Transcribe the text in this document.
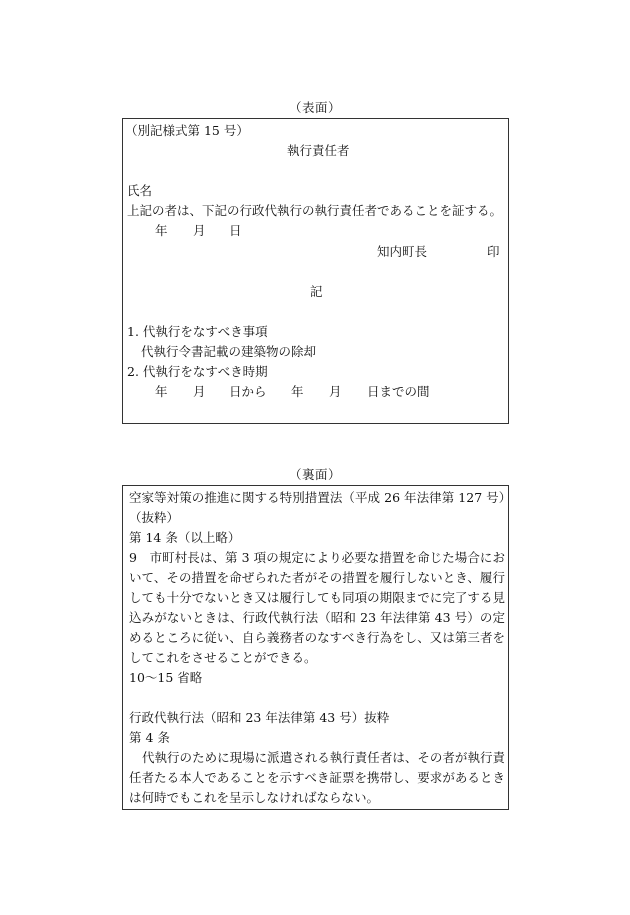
（表面）
（別記様式第 15 号）
執行責任者
氏名
上記の者は、下記の行政代執行の執行責任者であることを証する。
年 月 日
知内町長	印
記
1. 代執行をなすべき事項
代執行令書記載の建築物の除却
2. 代執行をなすべき時期
年 月 日から 年 月 日までの間
（裏面）
空家等対策の推進に関する特別措置法（平成 26 年法律第 127 号）（抜粋）
第 14 条（以上略）
9　市町村長は、第 3 項の規定により必要な措置を命じた場合において、その措置を命ぜられた者がその措置を履行しないとき、履行しても十分でないとき又は履行しても同項の期限までに完了する見込みがないときは、行政代執行法（昭和 23 年法律第 43 号）の定めるところに従い、自ら義務者のなすべき行為をし、又は第三者をしてこれをさせることができる。
10〜15 省略
行政代執行法（昭和 23 年法律第 43 号）抜粋
第 4 条
代執行のために現場に派遣される執行責任者は、その者が執行責任者たる本人であることを示すべき証票を携帯し、要求があるときは何時でもこれを呈示しなければならない。
